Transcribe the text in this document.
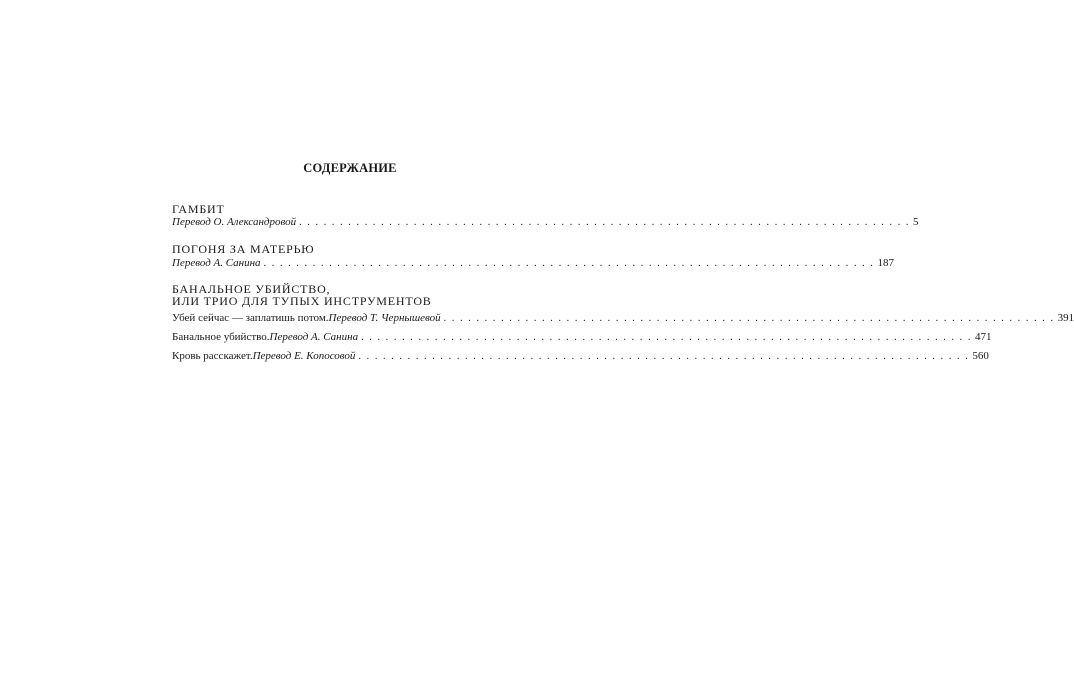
СОДЕРЖАНИЕ
ГАМБИТ
Перевод О. Александровой . . . . . . . . . . . . . . . . . . . . . . . . . . . . . . . . . . . . . . . . . . . . . . . . . . . . . . . . . . . . . . . . . . . . . . . . . . . 5
ПОГОНЯ ЗА МАТЕРЬЮ
Перевод А. Санина . . . . . . . . . . . . . . . . . . . . . . . . . . . . . . . . . . . . . . . . . . . . . . . . . . . . . . . . . . . . . . . . . . . . . . . . . . . 187
БАНАЛЬНОЕ УБИЙСТВО,
ИЛИ ТРИО ДЛЯ ТУПЫХ ИНСТРУМЕНТОВ
Убей сейчас — заплатишь потом. Перевод Т. Чернышевой . . . . . . . . . . . . . . . . . . . . . . . . . . . . . . . . . . . . . . . . . . . . . . . . . . . . . . . . . . . . . . . . . . . . . . . . . . . 391
Банальное убийство. Перевод А. Санина . . . . . . . . . . . . . . . . . . . . . . . . . . . . . . . . . . . . . . . . . . . . . . . . . . . . . . . . . . . . . . . . . . . . . . . . . . . 471
Кровь расскажет. Перевод Е. Копосовой . . . . . . . . . . . . . . . . . . . . . . . . . . . . . . . . . . . . . . . . . . . . . . . . . . . . . . . . . . . . . . . . . . . . . . . . . . . 560
